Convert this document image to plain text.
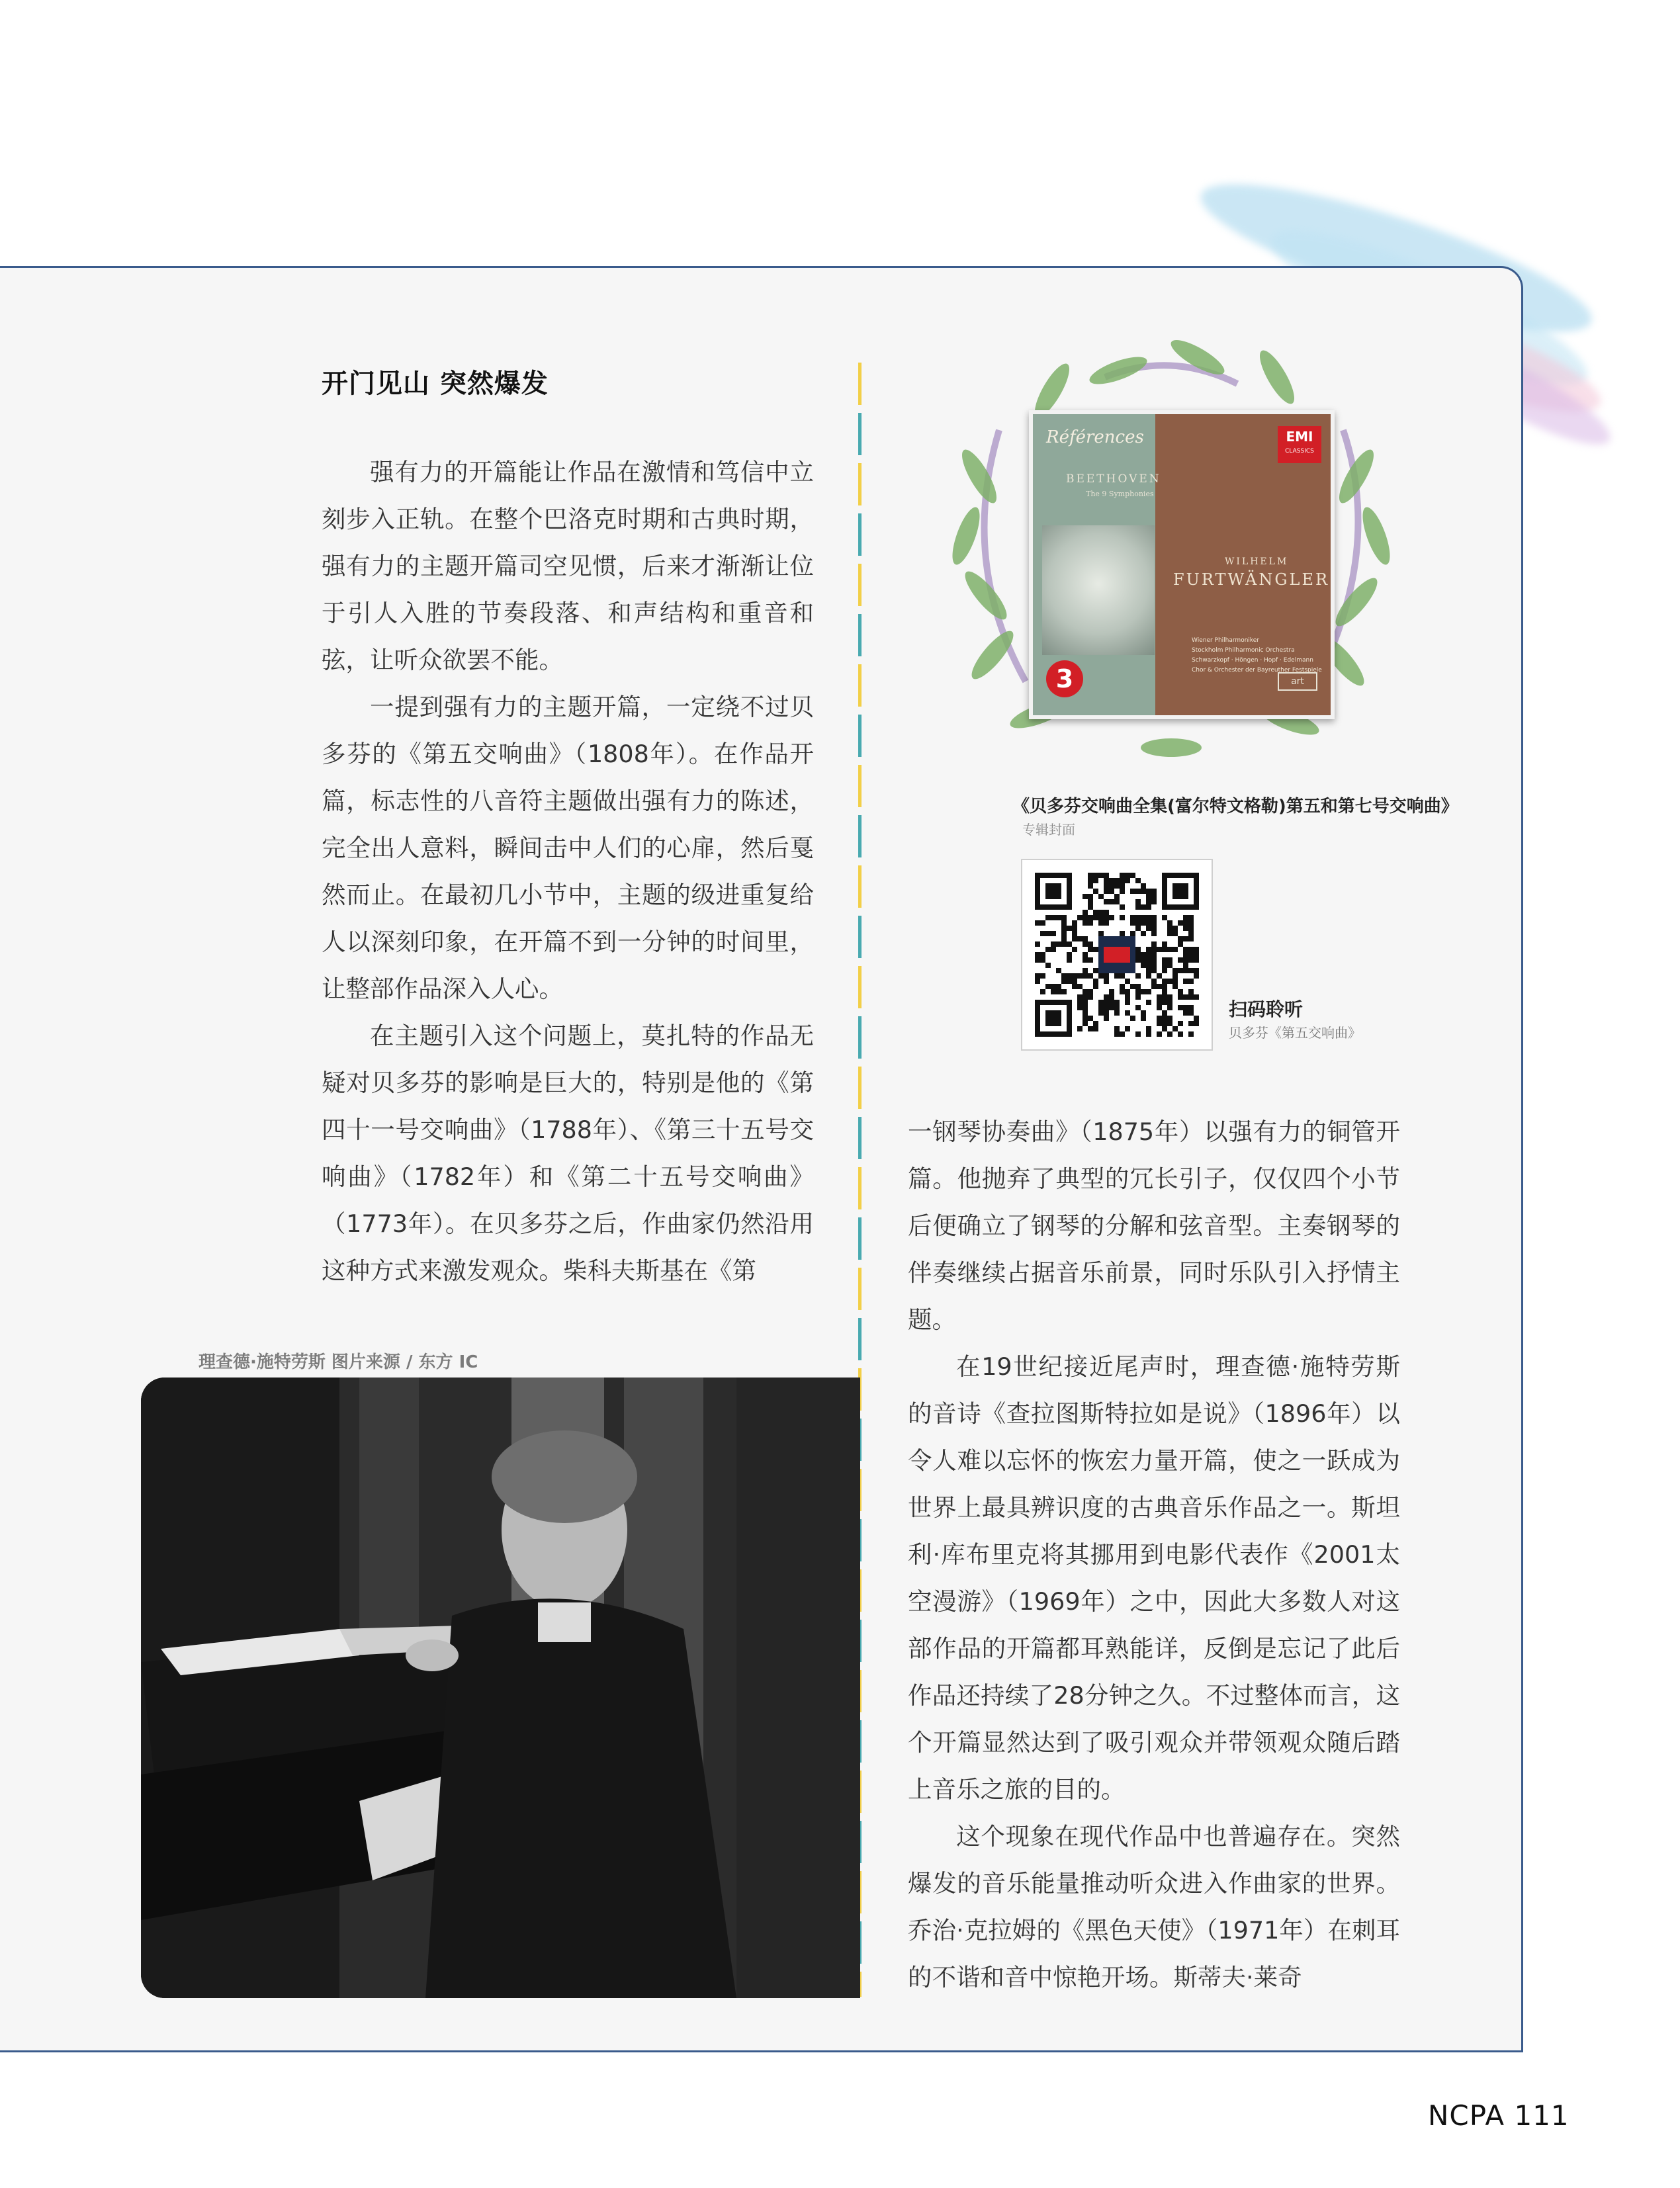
开门见山 突然爆发

强有力的开篇能让作品在激情和笃信中立刻步入正轨。在整个巴洛克时期和古典时期，强有力的主题开篇司空见惯，后来才渐渐让位于引人入胜的节奏段落、和声结构和重音和弦，让听众欲罢不能。

一提到强有力的主题开篇，一定绕不过贝多芬的《第五交响曲》（1808年）。在作品开篇，标志性的八音符主题做出强有力的陈述，完全出人意料，瞬间击中人们的心扉，然后戛然而止。在最初几小节中，主题的级进重复给人以深刻印象，在开篇不到一分钟的时间里，让整部作品深入人心。

在主题引入这个问题上，莫扎特的作品无疑对贝多芬的影响是巨大的，特别是他的《第四十一号交响曲》（1788年）、《第三十五号交响曲》（1782年）和《第二十五号交响曲》（1773年）。在贝多芬之后，作曲家仍然沿用这种方式来激发观众。柴科夫斯基在《第

理查德·施特劳斯 图片来源 / 东方 IC
Références
BEETHOVEN
The 9 Symphonies
EMI
CLASSICS
WILHELM
FURTWÄNGLER
Wiener Philharmoniker
Stockholm Philharmonic Orchestra
Schwarzkopf · Höngen · Hopf · Edelmann
Chor & Orchester der Bayreuther Festspiele
3	art
《贝多芬交响曲全集(富尔特文格勒)第五和第七号交响曲》
专辑封面
扫码聆听
贝多芬《第五交响曲》

一钢琴协奏曲》（1875年）以强有力的铜管开篇。他抛弃了典型的冗长引子，仅仅四个小节后便确立了钢琴的分解和弦音型。主奏钢琴的伴奏继续占据音乐前景，同时乐队引入抒情主题。

在19世纪接近尾声时，理查德·施特劳斯的音诗《查拉图斯特拉如是说》（1896年）以令人难以忘怀的恢宏力量开篇，使之一跃成为世界上最具辨识度的古典音乐作品之一。斯坦利·库布里克将其挪用到电影代表作《2001太空漫游》（1969年）之中，因此大多数人对这部作品的开篇都耳熟能详，反倒是忘记了此后作品还持续了28分钟之久。不过整体而言，这个开篇显然达到了吸引观众并带领观众随后踏上音乐之旅的目的。

这个现象在现代作品中也普遍存在。突然爆发的音乐能量推动听众进入作曲家的世界。乔治·克拉姆的《黑色天使》（1971年）在刺耳的不谐和音中惊艳开场。斯蒂夫·莱奇

NCPA 111
